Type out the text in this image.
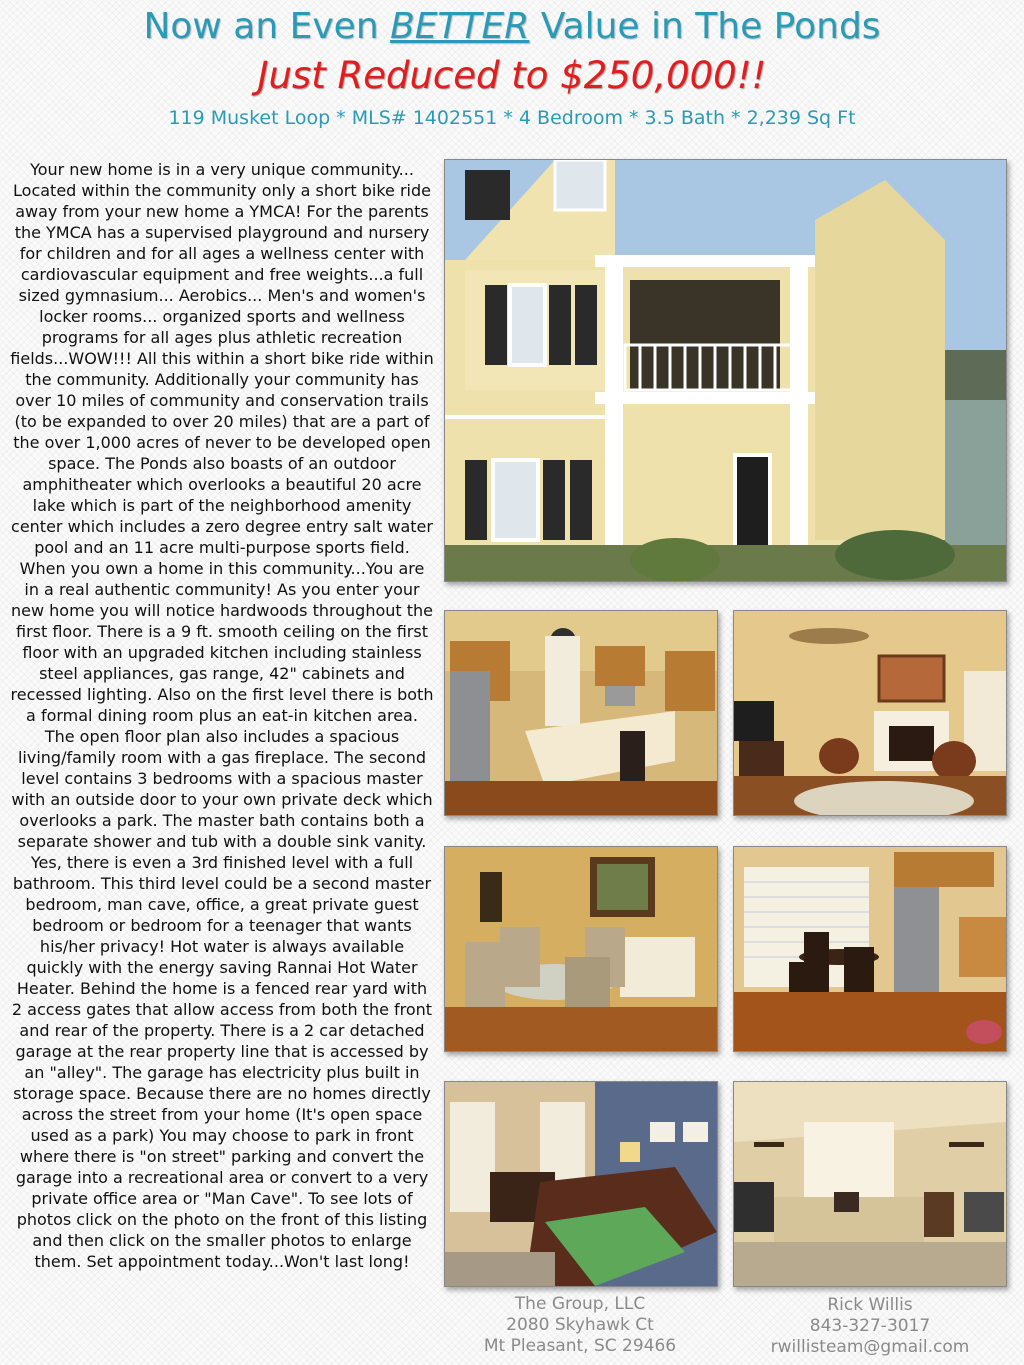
Now an Even BETTER Value in The Ponds
Just Reduced to $250,000!!
119 Musket Loop * MLS# 1402551 * 4 Bedroom * 3.5 Bath * 2,239 Sq Ft
Your new home is in a very unique community... Located within the community only a short bike ride away from your new home a YMCA! For the parents the YMCA has a supervised playground and nursery for children and for all ages a wellness center with cardiovascular equipment and free weights...a full sized gymnasium... Aerobics... Men's and women's locker rooms... organized sports and wellness programs for all ages plus athletic recreation fields...WOW!!! All this within a short bike ride within the community. Additionally your community has over 10 miles of community and conservation trails (to be expanded to over 20 miles) that are a part of the over 1,000 acres of never to be developed open space. The Ponds also boasts of an outdoor amphitheater which overlooks a beautiful 20 acre lake which is part of the neighborhood amenity center which includes a zero degree entry salt water pool and an 11 acre multi-purpose sports field. When you own a home in this community...You are in a real authentic community! As you enter your new home you will notice hardwoods throughout the first floor. There is a 9 ft. smooth ceiling on the first floor with an upgraded kitchen including stainless steel appliances, gas range, 42" cabinets and recessed lighting. Also on the first level there is both a formal dining room plus an eat-in kitchen area. The open floor plan also includes a spacious living/family room with a gas fireplace. The second level contains 3 bedrooms with a spacious master with an outside door to your own private deck which overlooks a park. The master bath contains both a separate shower and tub with a double sink vanity. Yes, there is even a 3rd finished level with a full bathroom. This third level could be a second master bedroom, man cave, office, a great private guest bedroom or bedroom for a teenager that wants his/her privacy! Hot water is always available quickly with the energy saving Rannai Hot Water Heater. Behind the home is a fenced rear yard with 2 access gates that allow access from both the front and rear of the property. There is a 2 car detached garage at the rear property line that is accessed by an "alley". The garage has electricity plus built in storage space. Because there are no homes directly across the street from your home (It's open space used as a park) You may choose to park in front where there is "on street" parking and convert the garage into a recreational area or convert to a very private office area or "Man Cave". To see lots of photos click on the photo on the front of this listing and then click on the smaller photos to enlarge them. Set appointment today...Won't last long!
The Group, LLC
2080 Skyhawk Ct
Mt Pleasant, SC 29466
Rick Willis
843-327-3017
rwillisteam@gmail.com
